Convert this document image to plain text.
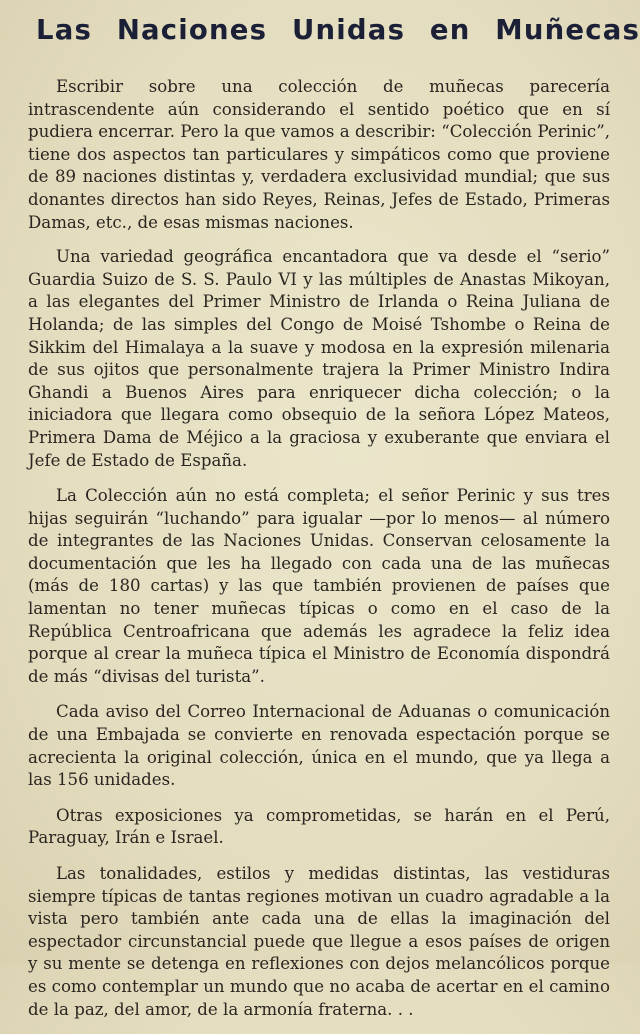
Las Naciones Unidas en Muñecas

Escribir sobre una colección de muñecas parecería intrascendente aún considerando el sentido poético que en sí pudiera encerrar. Pero la que vamos a describir: “Colección Perinic”, tiene dos aspectos tan particulares y simpáticos como que proviene de 89 naciones distintas y, verdadera exclusividad mundial; que sus donantes directos han sido Reyes, Reinas, Jefes de Estado, Primeras Damas, etc., de esas mismas naciones.

Una variedad geográfica encantadora que va desde el “serio” Guardia Suizo de S. S. Paulo VI y las múltiples de Anastas Mikoyan, a las elegantes del Primer Ministro de Irlanda o Reina Juliana de Holanda; de las simples del Congo de Moisé Tshombe o Reina de Sikkim del Himalaya a la suave y modosa en la expresión milenaria de sus ojitos que personalmente trajera la Primer Ministro Indira Ghandi a Buenos Aires para enriquecer dicha colección; o la iniciadora que llegara como obsequio de la señora López Mateos, Primera Dama de Méjico a la graciosa y exuberante que enviara el Jefe de Estado de España.

La Colección aún no está completa; el señor Perinic y sus tres hijas seguirán “luchando” para igualar —por lo menos— al número de integrantes de las Naciones Unidas. Conservan celosamente la documentación que les ha llegado con cada una de las muñecas (más de 180 cartas) y las que también provienen de países que lamentan no tener muñecas típicas o como en el caso de la República Centroafricana que además les agradece la feliz idea porque al crear la muñeca típica el Ministro de Economía dispondrá de más “divisas del turista”.

Cada aviso del Correo Internacional de Aduanas o comunicación de una Embajada se convierte en renovada espectación porque se acrecienta la original colección, única en el mundo, que ya llega a las 156 unidades.

Otras exposiciones ya comprometidas, se harán en el Perú, Paraguay, Irán e Israel.

Las tonalidades, estilos y medidas distintas, las vestiduras siempre típicas de tantas regiones motivan un cuadro agradable a la vista pero también ante cada una de ellas la imaginación del espectador circunstancial puede que llegue a esos países de origen y su mente se detenga en reflexiones con dejos melancólicos porque es como contemplar un mundo que no acaba de acertar en el camino de la paz, del amor, de la armonía fraterna. . .
